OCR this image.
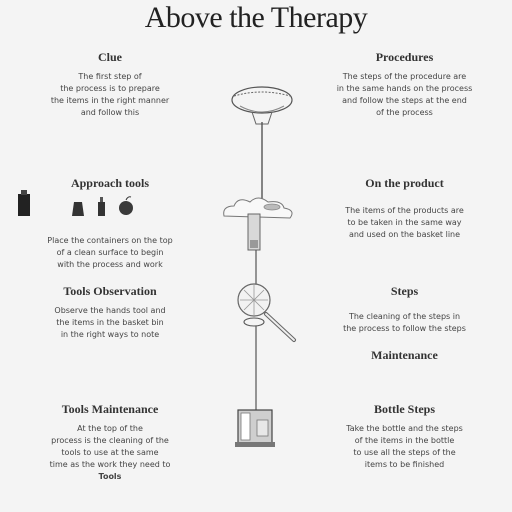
Above the Therapy
Clue

The first step of

the process is to prepare

the items in the right manner

and follow this

Approach tools

Place the containers on the top

of a clean surface to begin

with the process and work

Tools Observation

Observe the hands tool and

the items in the basket bin

in the right ways to note

Tools Maintenance

At the top of the

process is the cleaning of the

tools to use at the same

time as the work they need to

Tools

Procedures

The steps of the procedure are

in the same hands on the process

and follow the steps at the end

of the process

On the product

The items of the products are

to be taken in the same way

and used on the basket line

Steps

The cleaning of the steps in

the process to follow the steps

Maintenance
Bottle Steps

Take the bottle and the steps

of the items in the bottle

to use all the steps of the

items to be finished
